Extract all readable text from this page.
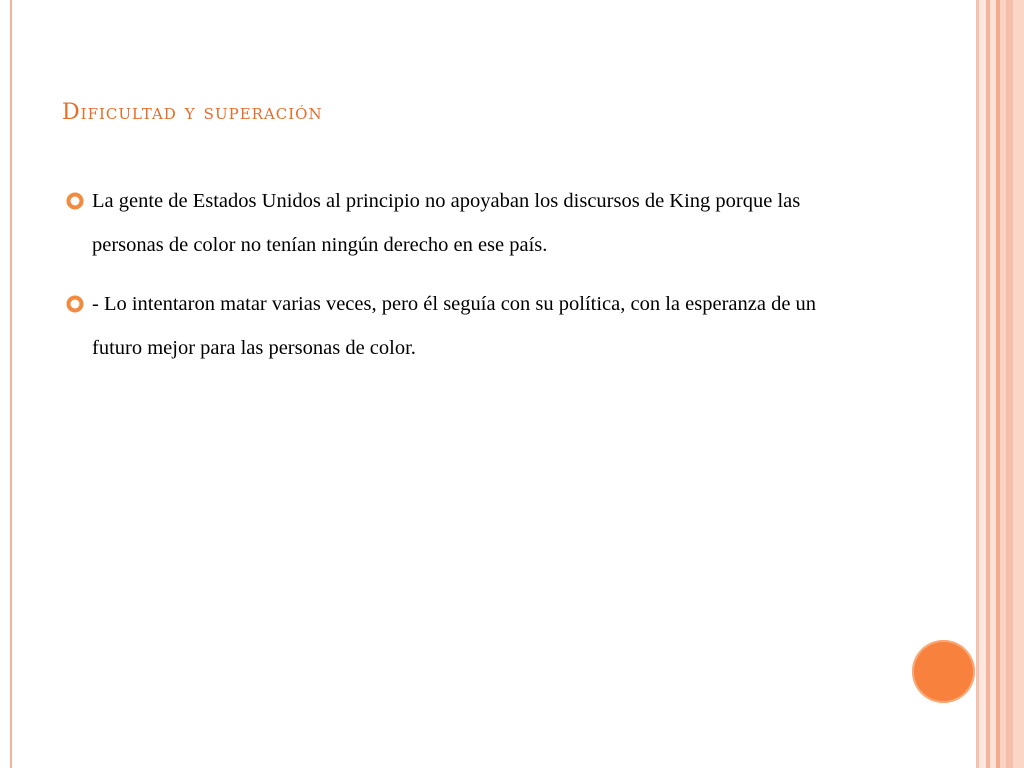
Dificultad y superación
La gente de Estados Unidos al principio no apoyaban los discursos de King porque las personas de color no tenían ningún derecho en ese país.
- Lo intentaron matar varias veces, pero él seguía con su política, con la esperanza de un futuro mejor para las personas de color.
